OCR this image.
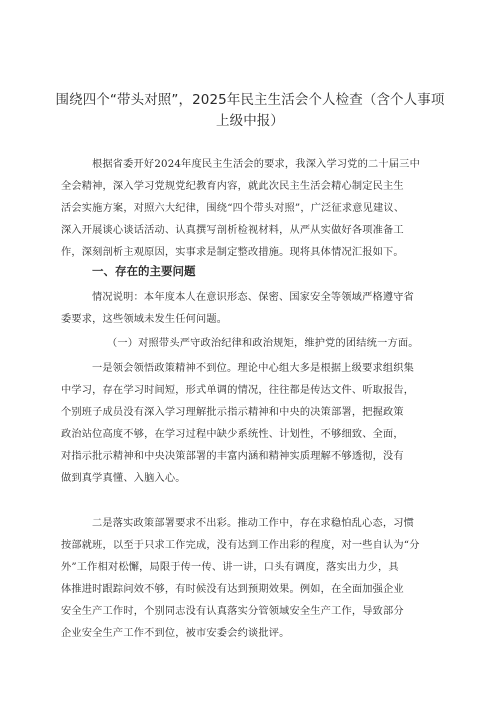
围绕四个“带头对照”，2025年民主生活会个人检查（含个人事项
上级中报）
根据省委开好2024年度民主生活会的要求，我深入学习党的二十届三中
全会精神，深入学习党规党纪教育内容，就此次民主生活会精心制定民主生
活会实施方案，对照六大纪律，围绕“四个带头对照”，广泛征求意见建议、
深入开展谈心谈话活动、认真撰写剖析检视材料，从严从实做好各项准备工
作，深刻剖析主观原因，实事求是制定整改措施。现将具体情况汇报如下。
一、存在的主要问题
情况说明：本年度本人在意识形态、保密、国家安全等领域严格遵守省
委要求，这些领域未发生任何问题。
（一）对照带头严守政治纪律和政治规矩，维护党的团结统一方面。
一是领会领悟政策精神不到位。理论中心组大多是根据上级要求组织集
中学习，存在学习时间短，形式单调的情况，往往都是传达文件、听取报告，
个别班子成员没有深入学习理解批示指示精神和中央的决策部署，把握政策
政治站位高度不够，在学习过程中缺少系统性、计划性，不够细致、全面，
对指示批示精神和中央决策部署的丰富内涵和精神实质理解不够透彻，没有
做到真学真懂、入脑入心。
二是落实政策部署要求不出彩。推动工作中，存在求稳怕乱心态，习惯
按部就班，以至于只求工作完成，没有达到工作出彩的程度，对一些自认为“分
外”工作相对松懈，局限于传一传、讲一讲，口头有调度，落实出力少，具
体推进时跟踪问效不够，有时候没有达到预期效果。例如，在全面加强企业
安全生产工作时，个别同志没有认真落实分管领域安全生产工作，导致部分
企业安全生产工作不到位，被市安委会约谈批评。
